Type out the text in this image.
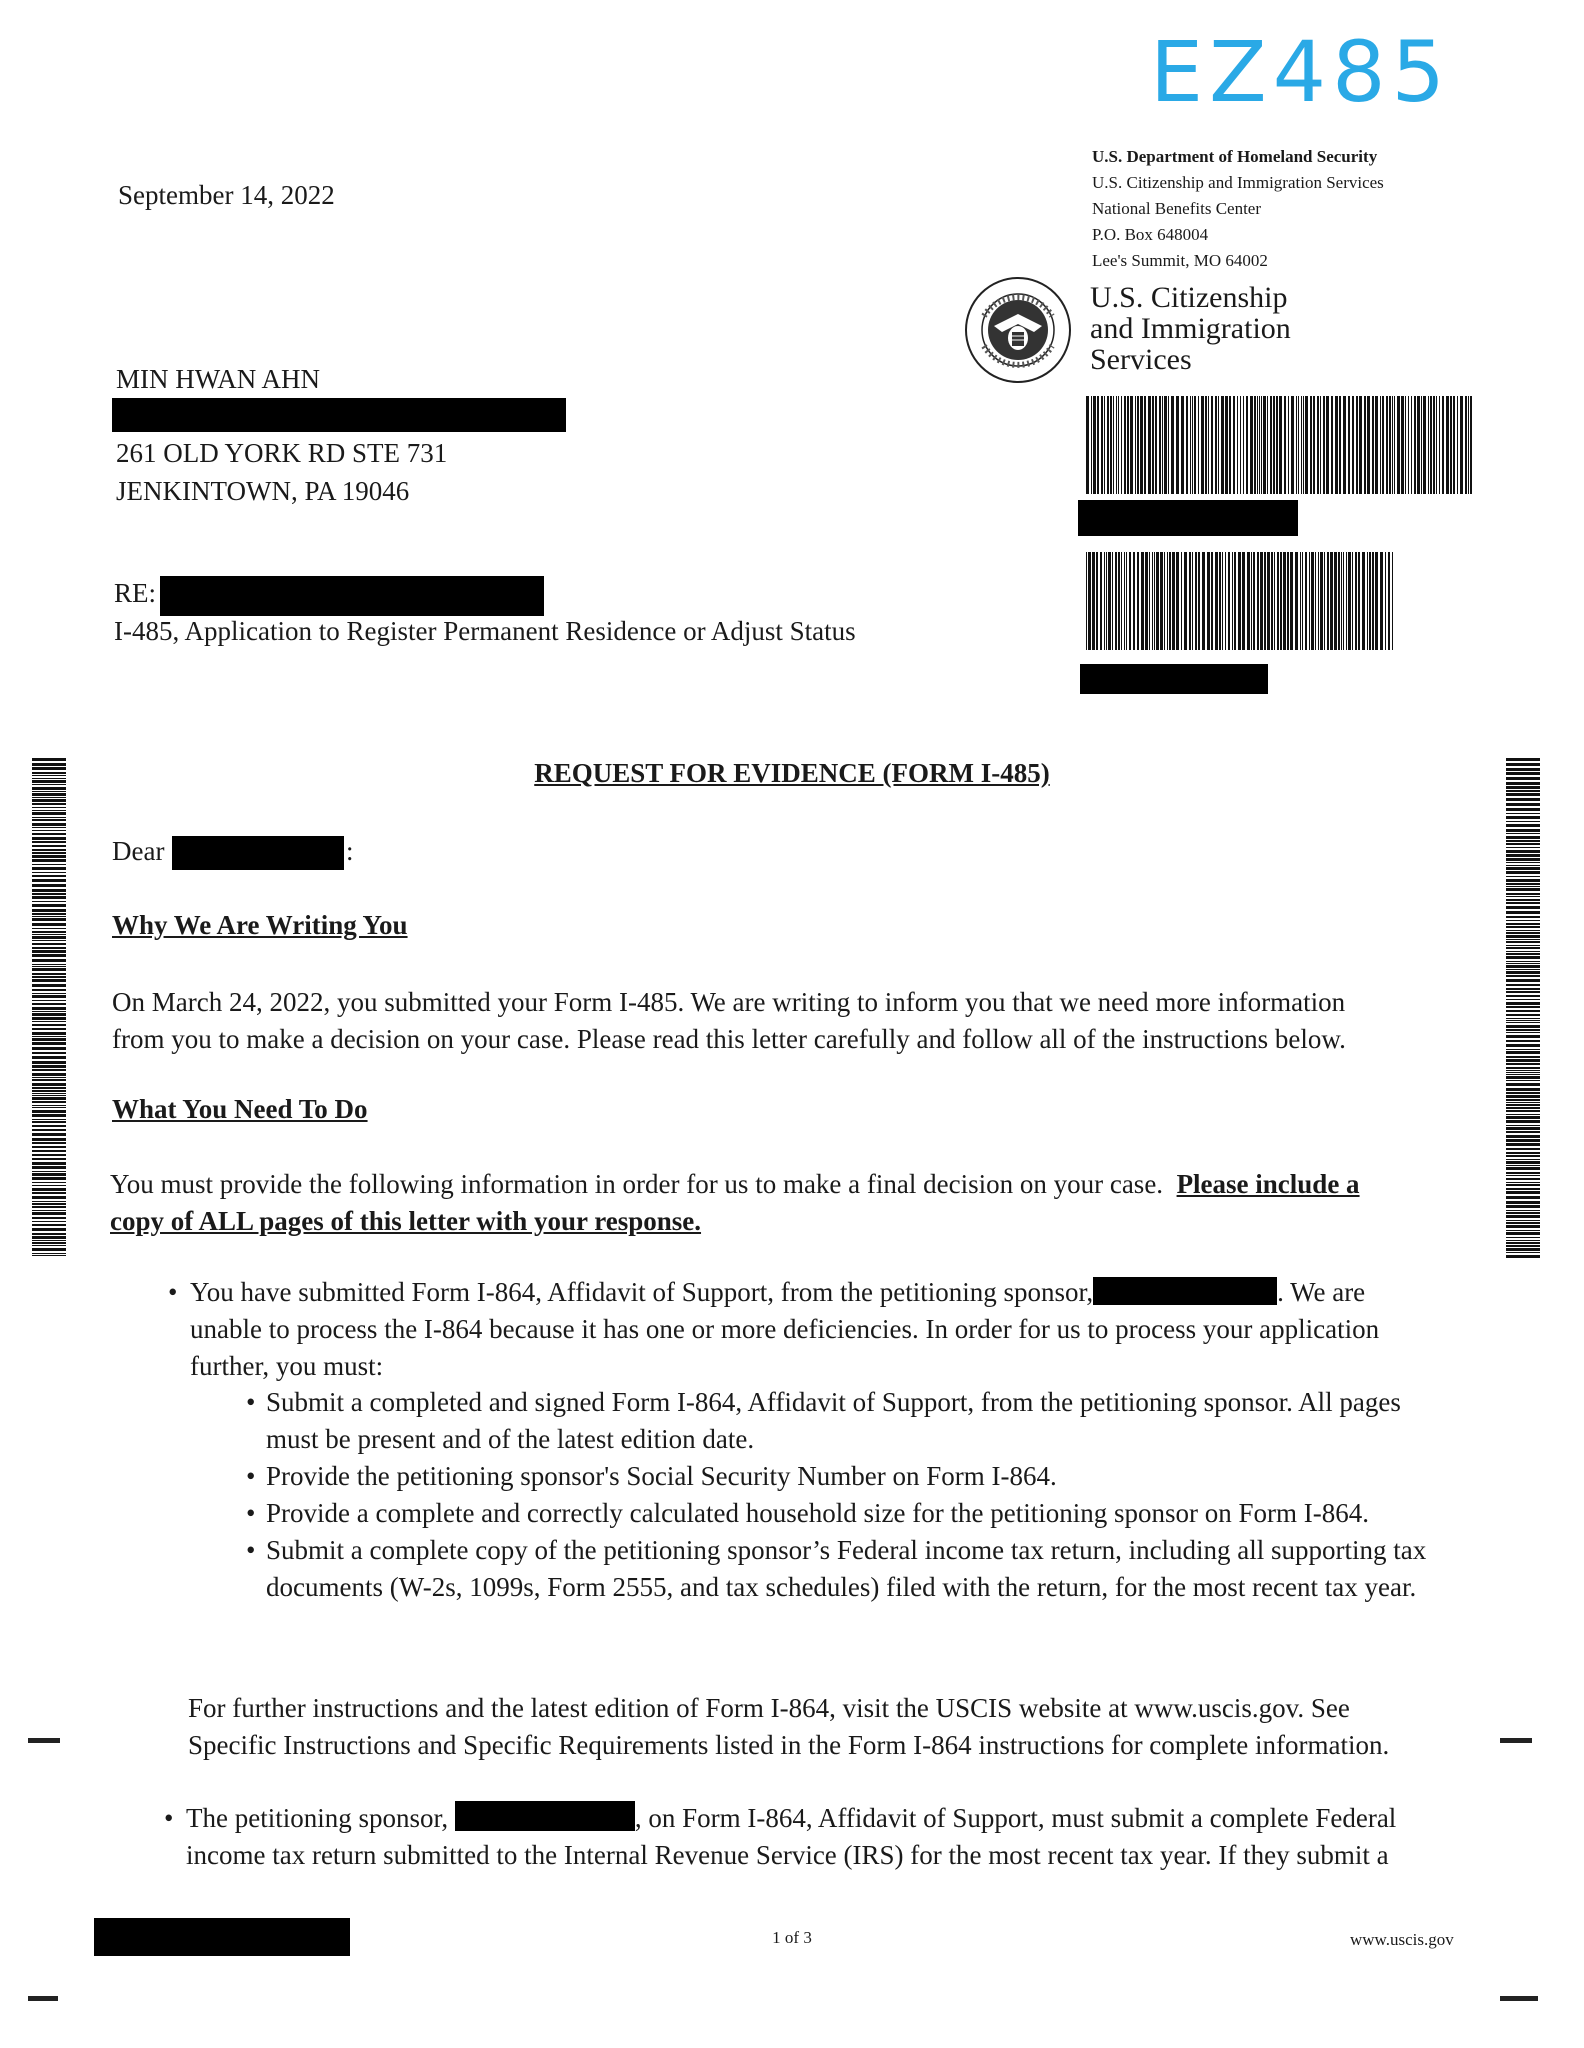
EZ485
U.S. Department of Homeland Security
U.S. Citizenship and Immigration Services
National Benefits Center
P.O. Box 648004
Lee's Summit, MO 64002
U.S. Citizenship
and Immigration
Services
September 14, 2022
MIN HWAN AHN
261 OLD YORK RD STE 731
JENKINTOWN, PA 19046
RE:
I-485, Application to Register Permanent Residence or Adjust Status
REQUEST FOR EVIDENCE (FORM I-485)
Dear	:
Why We Are Writing You
On March 24, 2022, you submitted your Form I-485. We are writing to inform you that we need more information
from you to make a decision on your case. Please read this letter carefully and follow all of the instructions below.
What You Need To Do
You must provide the following information in order for us to make a final decision on your case. Please include a
copy of ALL pages of this letter with your response.
• You have submitted Form I-864, Affidavit of Support, from the petitioning sponsor,	. We are
unable to process the I-864 because it has one or more deficiencies. In order for us to process your application
further, you must:
• Submit a completed and signed Form I-864, Affidavit of Support, from the petitioning sponsor. All pages must be present and of the latest edition date.
• Provide the petitioning sponsor's Social Security Number on Form I-864.
• Provide a complete and correctly calculated household size for the petitioning sponsor on Form I-864.
• Submit a complete copy of the petitioning sponsor’s Federal income tax return, including all supporting tax documents (W-2s, 1099s, Form 2555, and tax schedules) filed with the return, for the most recent tax year.
For further instructions and the latest edition of Form I-864, visit the USCIS website at www.uscis.gov. See
Specific Instructions and Specific Requirements listed in the Form I-864 instructions for complete information.
• The petitioning sponsor,	, on Form I-864, Affidavit of Support, must submit a complete Federal
income tax return submitted to the Internal Revenue Service (IRS) for the most recent tax year. If they submit a
1 of 3	www.uscis.gov
